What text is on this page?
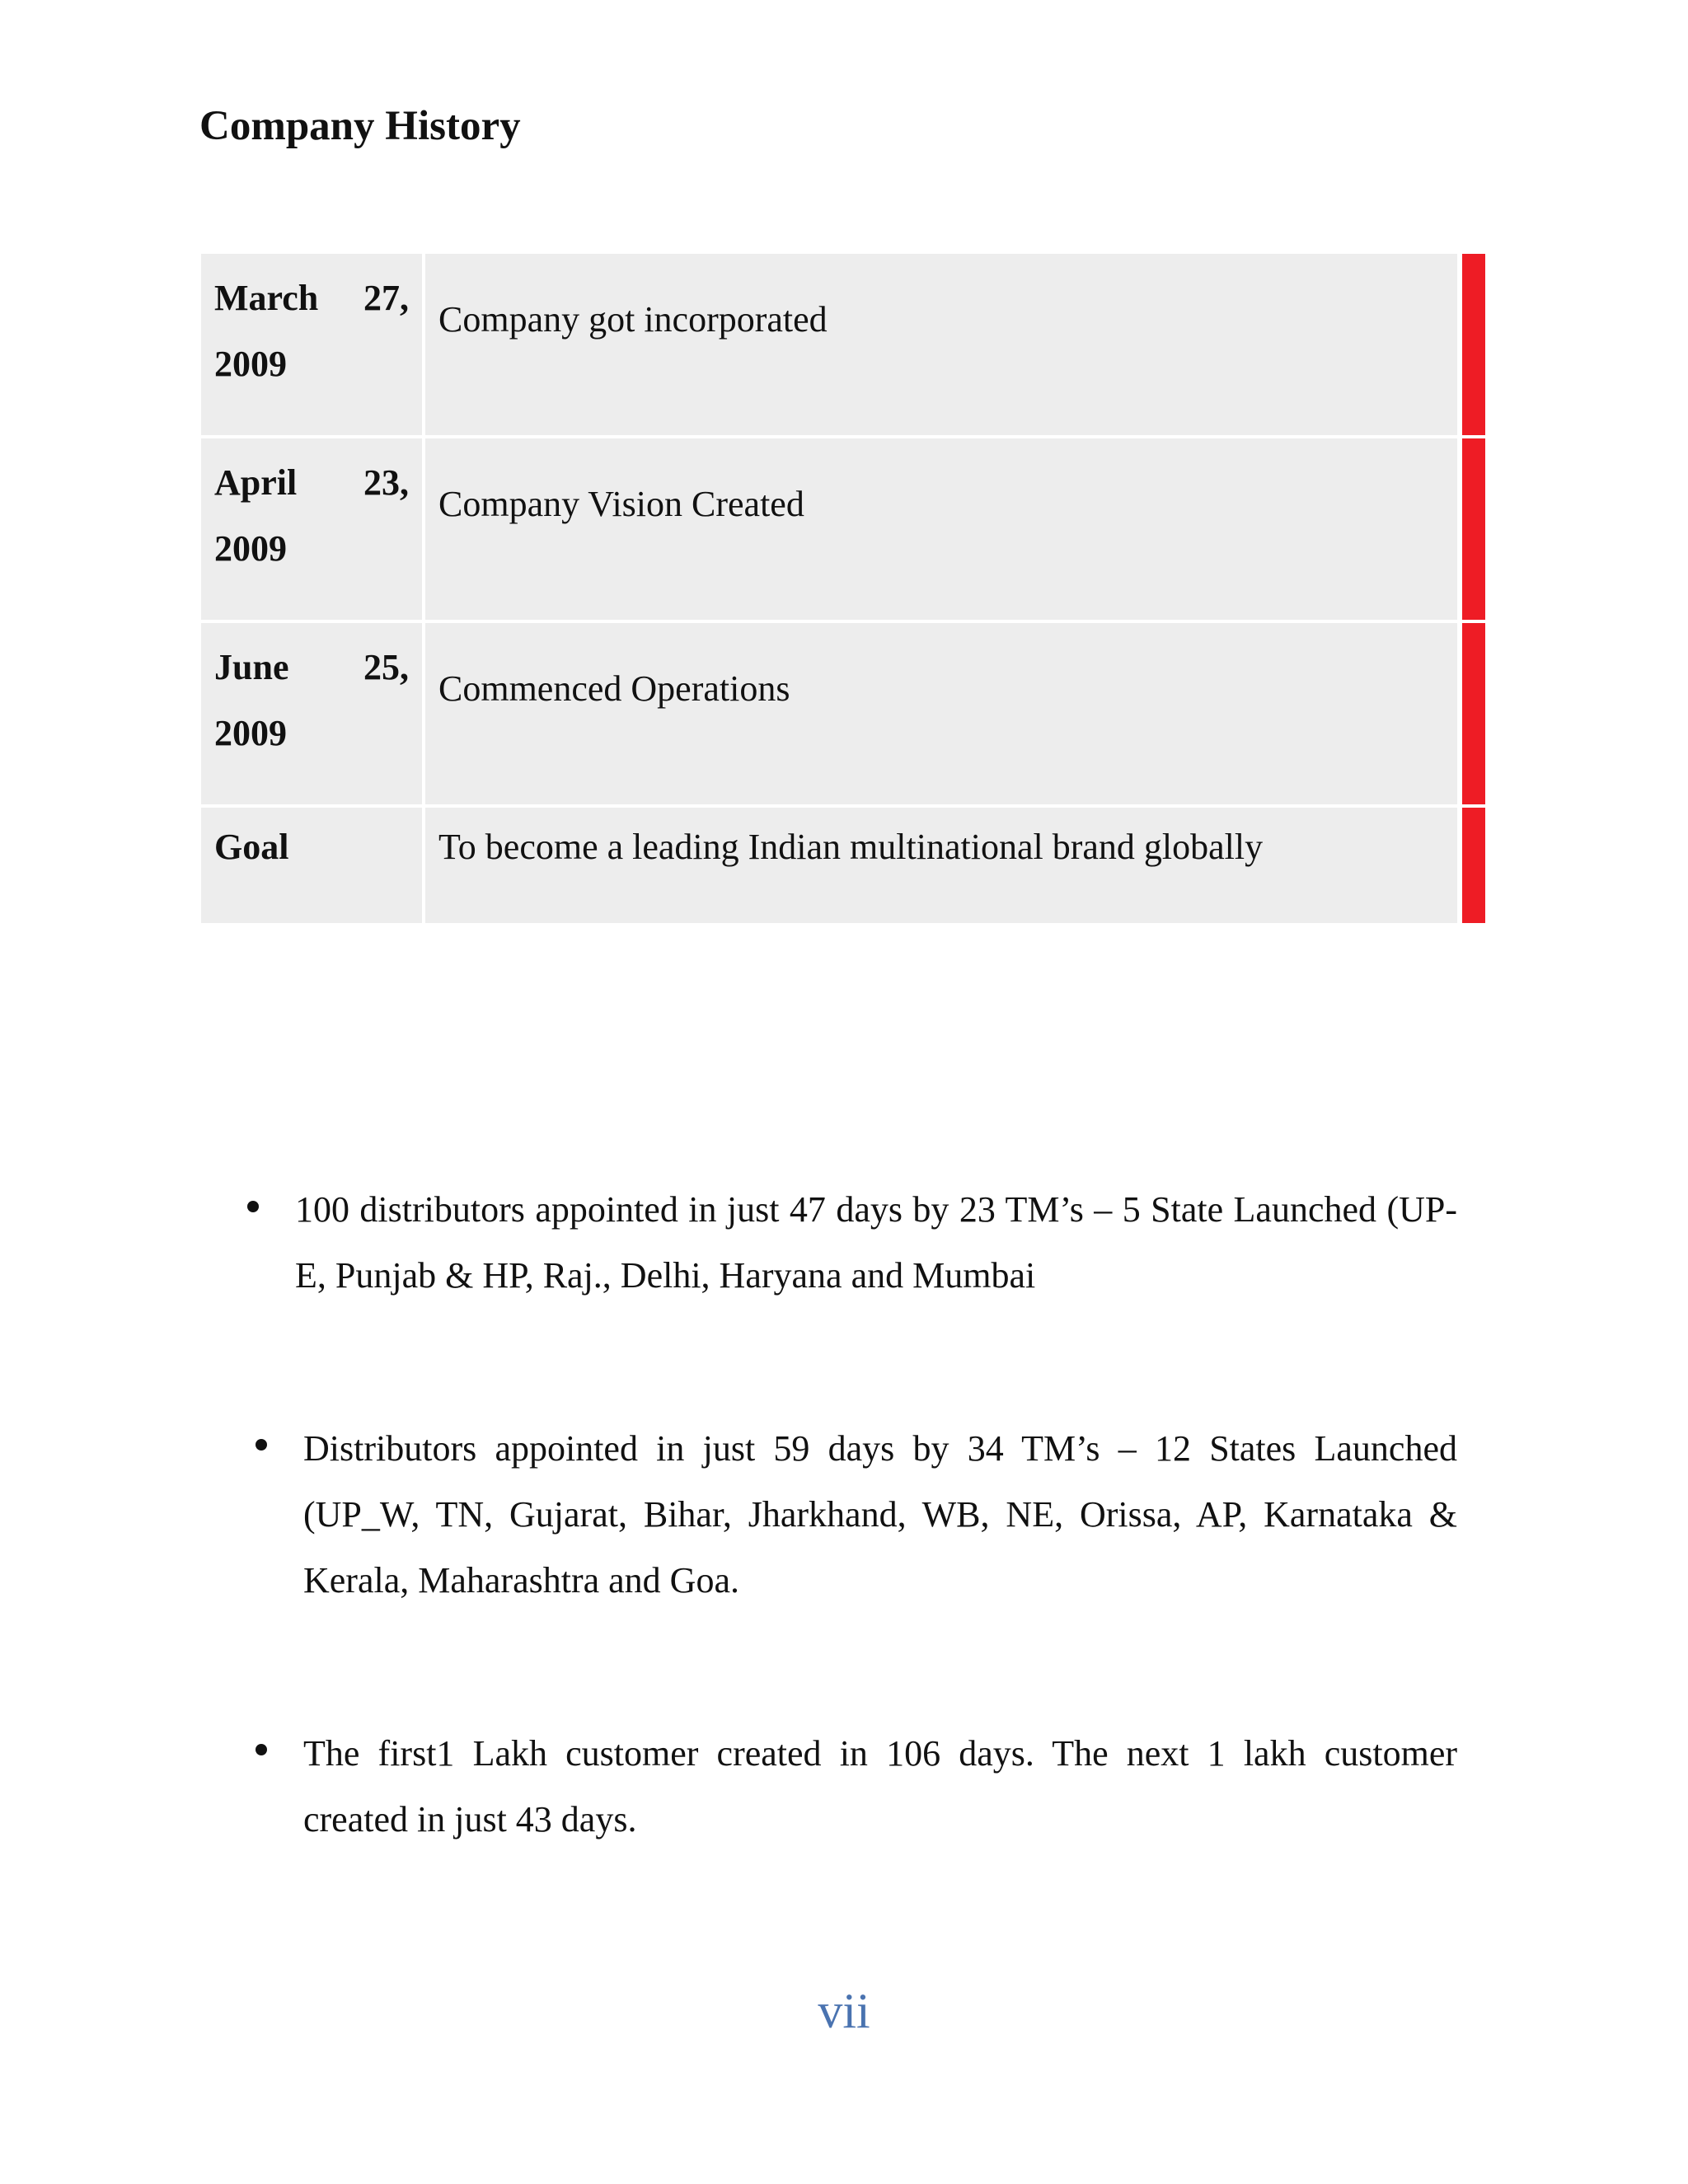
Company History
March 27, 2009
Company got incorporated
April 23, 2009
Company Vision Created
June 25, 2009
Commenced Operations
Goal	To become a leading Indian multinational brand globally
100 distributors appointed in just 47 days by 23 TM’s – 5 State Launched (UP-E, Punjab & HP, Raj., Delhi, Haryana and Mumbai
Distributors appointed in just 59 days by 34 TM’s – 12 States Launched (UP_W, TN, Gujarat, Bihar, Jharkhand, WB, NE, Orissa, AP, Karnataka & Kerala, Maharashtra and Goa.
The first1 Lakh customer created in 106 days. The next 1 lakh customer created in just 43 days.
vii
